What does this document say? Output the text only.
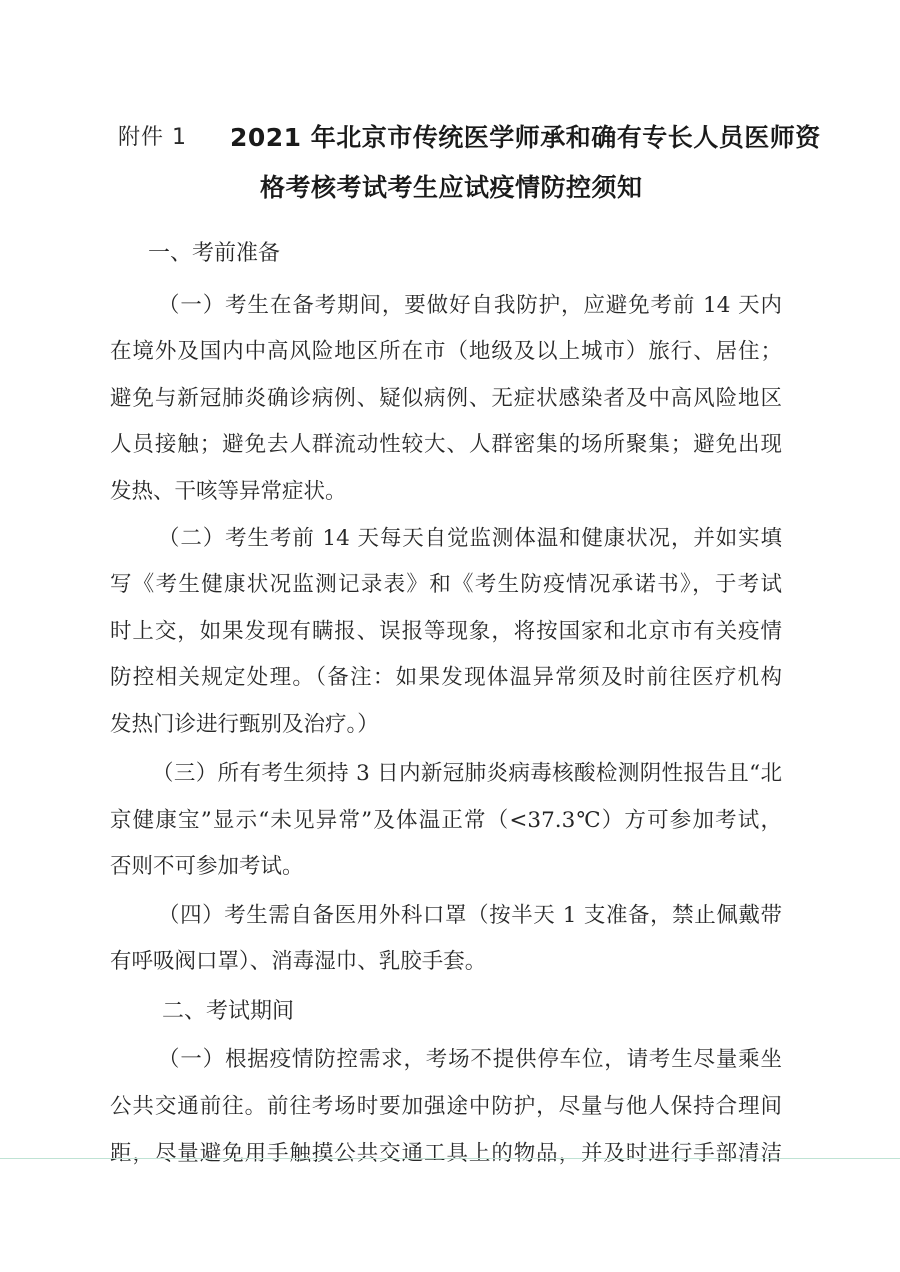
附件 1 2021 年北京市传统医学师承和确有专长人员医师资
格考核考试考生应试疫情防控须知
一、考前准备
（一）考生在备考期间，要做好自我防护，应避免考前 14 天内
在境外及国内中高风险地区所在市（地级及以上城市）旅行、居住；
避免与新冠肺炎确诊病例、疑似病例、无症状感染者及中高风险地区
人员接触；避免去人群流动性较大、人群密集的场所聚集；避免出现
发热、干咳等异常症状。
（二）考生考前 14 天每天自觉监测体温和健康状况，并如实填
写《考生健康状况监测记录表》和《考生防疫情况承诺书》，于考试
时上交，如果发现有瞒报、误报等现象，将按国家和北京市有关疫情
防控相关规定处理。（备注：如果发现体温异常须及时前往医疗机构
发热门诊进行甄别及治疗。）
（三）所有考生须持 3 日内新冠肺炎病毒核酸检测阴性报告且“北
京健康宝”显示“未见异常”及体温正常（<37.3℃）方可参加考试，
否则不可参加考试。
（四）考生需自备医用外科口罩（按半天 1 支准备，禁止佩戴带
有呼吸阀口罩）、消毒湿巾、乳胶手套。
二、考试期间
（一）根据疫情防控需求，考场不提供停车位，请考生尽量乘坐
公共交通前往。前往考场时要加强途中防护，尽量与他人保持合理间
距，尽量避免用手触摸公共交通工具上的物品，并及时进行手部清洁
